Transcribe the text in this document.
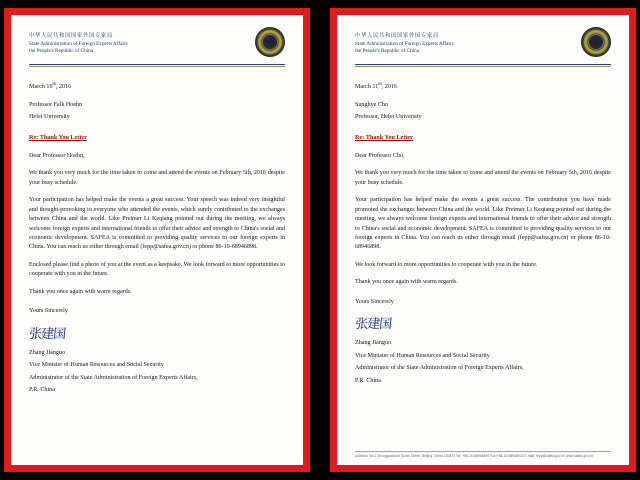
中华人民共和国国家外国专家局
State Administration of Foreign Experts Affairs
the People's Republic of China
March 10th, 2016
Professor Falk Hoehn
Hefei University
Re: Thank You Letter
Dear Professor Hoehn,

We thank you very much for the time taken to come and attend the events on February 5th, 2016 despite your busy schedule.

Your participation has helped make the events a great success. Your speech was indeed very insightful and thought-provoking to everyone who attended the events, which surely contributed to the exchanges between China and the world. Like Preimer Li Keqiang pointed out during the meeting, we always welcome foreign experts and international friends to offer their advice and strength to China's social and economic development. SAFEA is committed to providing quality services to our foreign experts in China. You can reach us either through email (fepp@safea.gov.cn) or phone 86-10-68946898.

Enclosed please find a photo of you at the event as a keepsake. We look forward to more opportunities to cooperate with you in the future.

Thank you once again with warm regards.

Yours Sincerely
张建国
Zhang Jianguo
Vice Minister of Human Resources and Social Security
Administrator of the State Administration of Foreign Experts Affairs,
P.R. China
中华人民共和国国家外国专家局
State Administration of Foreign Experts Affairs
the People's Republic of China
March 11th, 2016
Sunghye Cho
Professor, Hefei University
Re: Thank You Letter
Dear Professor Cho,

We thank you very much for the time taken to come and attend the events on February 5th, 2016 despite your busy schedule.

Your participation has helped make the events a great success. The contribution you have made promoted the exchanges between China and the world. Like Preimer Li Keqiang pointed out during the meeting, we always welcome foreign experts and international friends to offer their advice and strength to China's social and economic development. SAFEA is committed to providing quality services to our foreign experts in China. You can reach us either through email (fepp@safea.gov.cn) or phone 86-10-68946898.

We look forward to more opportunities to cooperate with you in the future.

Thank you once again with warm regards.

Yours Sincerely
张建国
Zhang Jianguo
Vice Minister of Human Resources and Social Security
Administrator of the State Administration of Foreign Experts Affairs,
P.R. China
Address: No.1 Zhongguancun South Street, Beijing, China 100873 Tel: +86-10-68948899 Fax:+86-10-68948923 E-mail: fepp@safea.gov.cn www.safea.gov.cn
